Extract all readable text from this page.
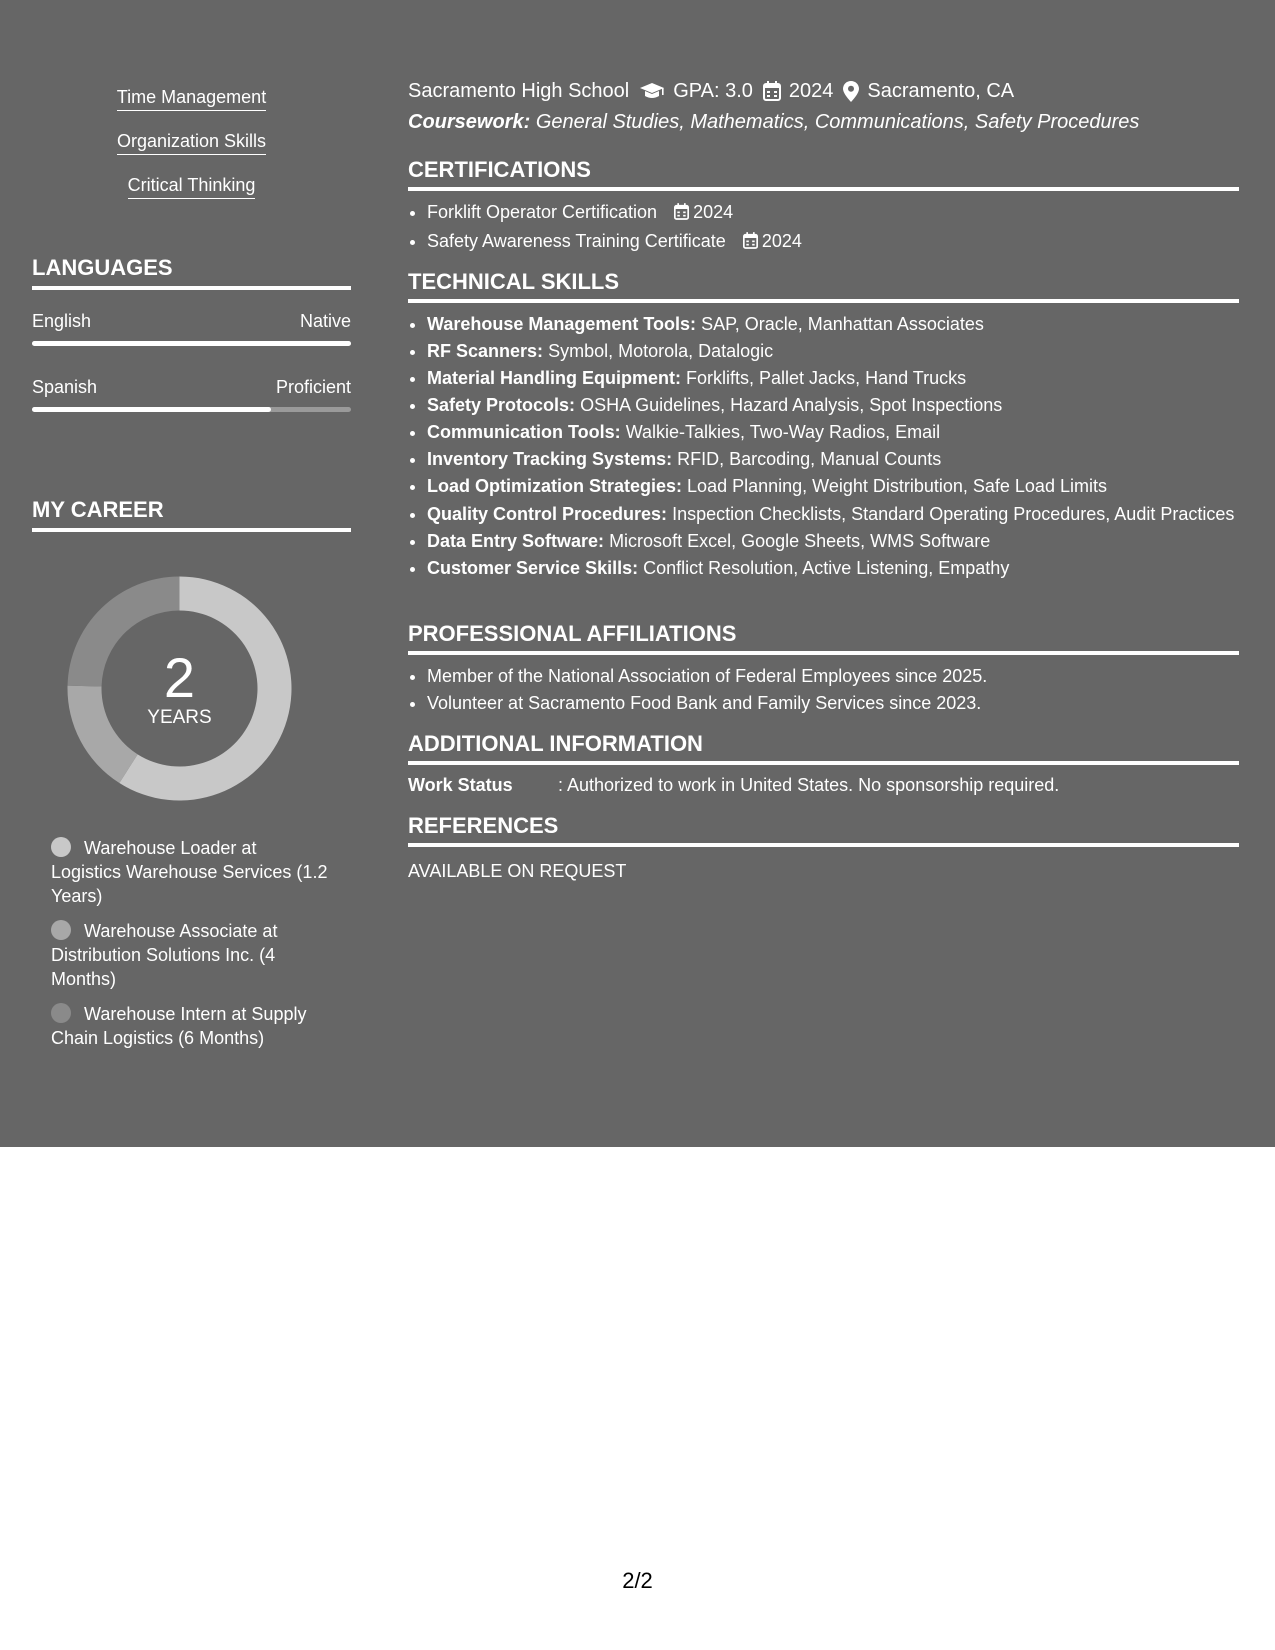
Time Management
Organization Skills
Critical Thinking
LANGUAGES
English	Native
Spanish	Proficient
MY CAREER
2
YEARS
Warehouse Loader at Logistics Warehouse Services (1.2 Years)
Warehouse Associate at Distribution Solutions Inc. (4 Months)
Warehouse Intern at Supply Chain Logistics (6 Months)
Sacramento High School GPA: 3.0 2024 Sacramento, CA
Coursework: General Studies, Mathematics, Communications, Safety Procedures
CERTIFICATIONS
• Forklift Operator Certification 2024
• Safety Awareness Training Certificate 2024
TECHNICAL SKILLS
• Warehouse Management Tools: SAP, Oracle, Manhattan Associates
• RF Scanners: Symbol, Motorola, Datalogic
• Material Handling Equipment: Forklifts, Pallet Jacks, Hand Trucks
• Safety Protocols: OSHA Guidelines, Hazard Analysis, Spot Inspections
• Communication Tools: Walkie-Talkies, Two-Way Radios, Email
• Inventory Tracking Systems: RFID, Barcoding, Manual Counts
• Load Optimization Strategies: Load Planning, Weight Distribution, Safe Load Limits
• Quality Control Procedures: Inspection Checklists, Standard Operating Procedures, Audit Practices
• Data Entry Software: Microsoft Excel, Google Sheets, WMS Software
• Customer Service Skills: Conflict Resolution, Active Listening, Empathy
PROFESSIONAL AFFILIATIONS
• Member of the National Association of Federal Employees since 2025.
• Volunteer at Sacramento Food Bank and Family Services since 2023.
ADDITIONAL INFORMATION
Work Status	: Authorized to work in United States. No sponsorship required.
REFERENCES
AVAILABLE ON REQUEST
2/2
